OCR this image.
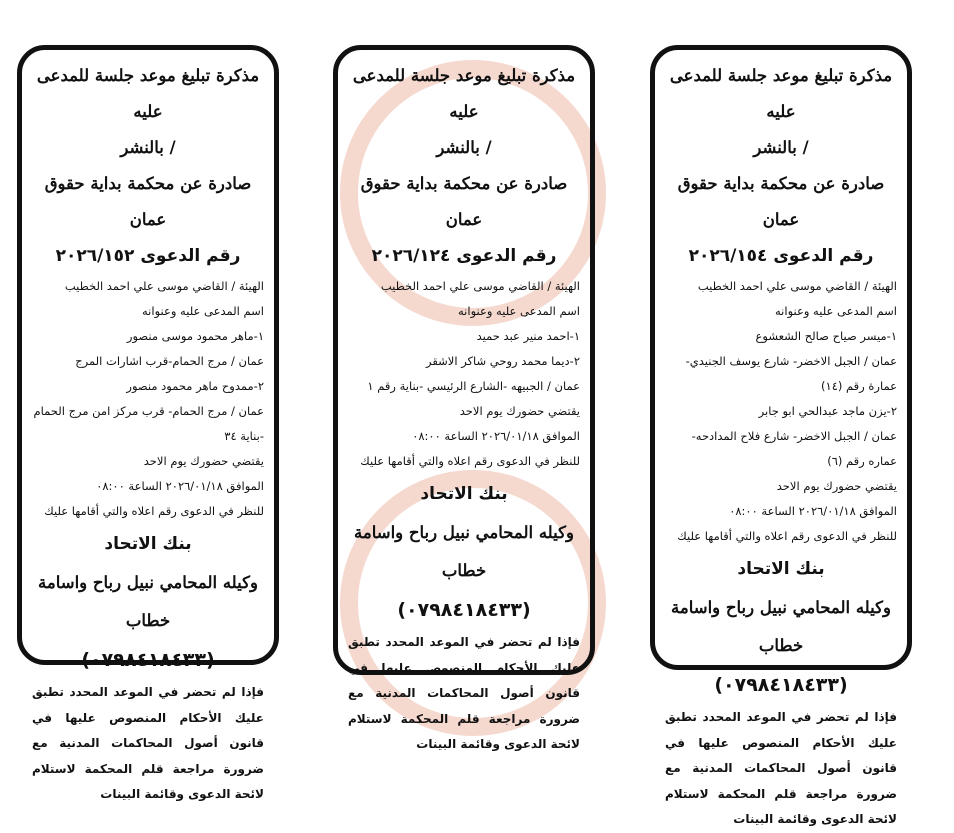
مذكرة تبليغ موعد جلسة للمدعى عليه
/ بالنشر
صادرة عن محكمة بداية حقوق عمان
رقم الدعوى ٢٠٢٦/١٥٢
الهيئة / القاضي موسى علي احمد الخطيب
اسم المدعى عليه وعنوانه
١-ماهر محمود موسى منصور
عمان / مرج الحمام-قرب اشارات المرج
٢-ممدوح ماهر محمود منصور
عمان / مرج الحمام- قرب مركز امن مرج الحمام
-بناية ٣٤
يقتضي حضورك يوم الاحد
الموافق ٢٠٢٦/٠١/١٨ الساعة ٠٨:٠٠
للنظر في الدعوى رقم اعلاه والتي أقامها عليك
بنك الاتحاد
وكيله المحامي نبيل رباح واسامة خطاب
(٠٧٩٨٤١٨٤٣٣)
فإذا لم تحضر في الموعد المحدد تطبق عليك الأحكام المنصوص عليها في قانون أصول المحاكمات المدنية مع ضرورة مراجعة قلم المحكمة لاستلام لائحة الدعوى وقائمة البينات
مذكرة تبليغ موعد جلسة للمدعى عليه
/ بالنشر
صادرة عن محكمة بداية حقوق عمان
رقم الدعوى ٢٠٢٦/١٢٤
الهيئة / القاضي موسى علي احمد الخطيب
اسم المدعى عليه وعنوانه
١-احمد منير عبد حميد
٢-ديما محمد روحي شاكر الاشقر
عمان / الجبيهه -الشارع الرئيسي -بناية رقم ١
يقتضي حضورك يوم الاحد
الموافق ٢٠٢٦/٠١/١٨ الساعة ٠٨:٠٠
للنظر في الدعوى رقم اعلاه والتي أقامها عليك
بنك الاتحاد
وكيله المحامي نبيل رباح واسامة خطاب
(٠٧٩٨٤١٨٤٣٣)
فإذا لم تحضر في الموعد المحدد تطبق عليك الأحكام المنصوص عليها في قانون أصول المحاكمات المدنية مع ضرورة مراجعة قلم المحكمة لاستلام لائحة الدعوى وقائمة البينات
مذكرة تبليغ موعد جلسة للمدعى عليه
/ بالنشر
صادرة عن محكمة بداية حقوق عمان
رقم الدعوى ٢٠٢٦/١٥٤
الهيئة / القاضي موسى علي احمد الخطيب
اسم المدعى عليه وعنوانه
١-ميسر صياح صالح الشعشوع
عمان / الجبل الاخضر- شارع يوسف الجنيدي-
عمارة رقم (١٤)
٢-يزن ماجد عبدالحي ابو جابر
عمان / الجبل الاخضر- شارع فلاح المدادحه-
عماره رقم (٦)
يقتضي حضورك يوم الاحد
الموافق ٢٠٢٦/٠١/١٨ الساعة ٠٨:٠٠
للنظر في الدعوى رقم اعلاه والتي أقامها عليك
بنك الاتحاد
وكيله المحامي نبيل رباح واسامة خطاب
(٠٧٩٨٤١٨٤٣٣)
فإذا لم تحضر في الموعد المحدد تطبق عليك الأحكام المنصوص عليها في قانون أصول المحاكمات المدنية مع ضرورة مراجعة قلم المحكمة لاستلام لائحة الدعوى وقائمة البينات
